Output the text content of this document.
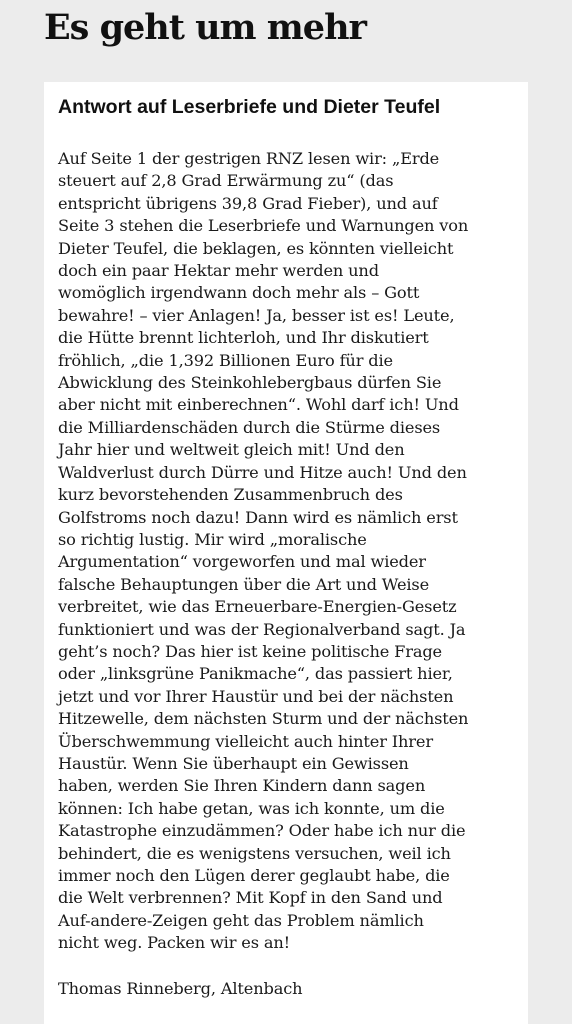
Es geht um mehr
Antwort auf Leserbriefe und Dieter Teufel
Auf Seite 1 der gestrigen RNZ lesen wir: „Erde
steuert auf 2,8 Grad Erwärmung zu“ (das
entspricht übrigens 39,8 Grad Fieber), und auf
Seite 3 stehen die Leserbriefe und Warnungen von
Dieter Teufel, die beklagen, es könnten vielleicht
doch ein paar Hektar mehr werden und
womöglich irgendwann doch mehr als – Gott
bewahre! – vier Anlagen! Ja, besser ist es! Leute,
die Hütte brennt lichterloh, und Ihr diskutiert
fröhlich, „die 1,392 Billionen Euro für die
Abwicklung des Steinkohlebergbaus dürfen Sie
aber nicht mit einberechnen“. Wohl darf ich! Und
die Milliardenschäden durch die Stürme dieses
Jahr hier und weltweit gleich mit! Und den
Waldverlust durch Dürre und Hitze auch! Und den
kurz bevorstehenden Zusammenbruch des
Golfstroms noch dazu! Dann wird es nämlich erst
so richtig lustig. Mir wird „moralische
Argumentation“ vorgeworfen und mal wieder
falsche Behauptungen über die Art und Weise
verbreitet, wie das Erneuerbare-Energien-Gesetz
funktioniert und was der Regionalverband sagt. Ja
geht’s noch? Das hier ist keine politische Frage
oder „linksgrüne Panikmache“, das passiert hier,
jetzt und vor Ihrer Haustür und bei der nächsten
Hitzewelle, dem nächsten Sturm und der nächsten
Überschwemmung vielleicht auch hinter Ihrer
Haustür. Wenn Sie überhaupt ein Gewissen
haben, werden Sie Ihren Kindern dann sagen
können: Ich habe getan, was ich konnte, um die
Katastrophe einzudämmen? Oder habe ich nur die
behindert, die es wenigstens versuchen, weil ich
immer noch den Lügen derer geglaubt habe, die
die Welt verbrennen? Mit Kopf in den Sand und
Auf-andere-Zeigen geht das Problem nämlich
nicht weg. Packen wir es an!
Thomas Rinneberg, Altenbach
